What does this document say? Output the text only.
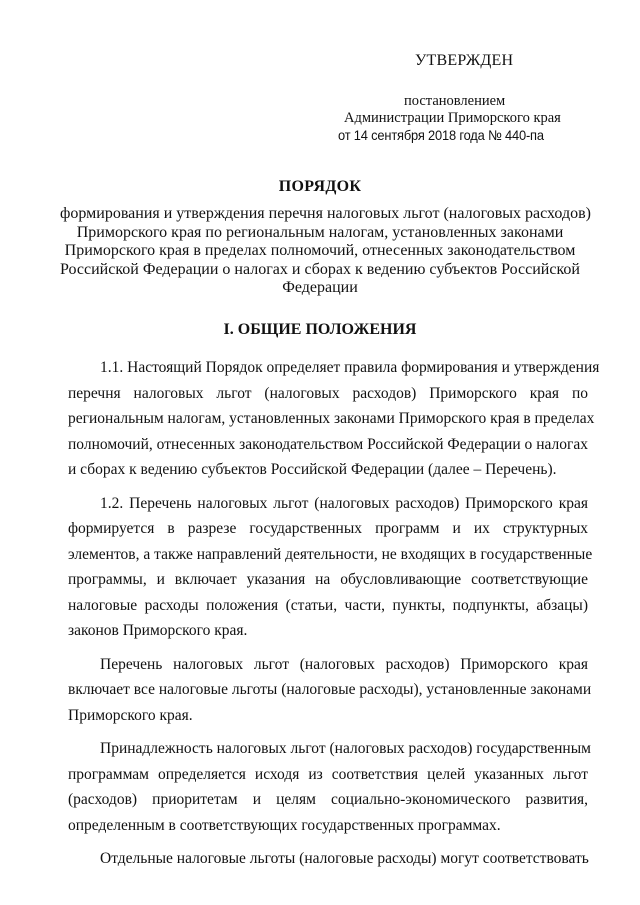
УТВЕРЖДЕН
постановлением
Администрации Приморского края
от 14 сентября 2018 года № 440-па
ПОРЯДОК
формирования и утверждения перечня налоговых льгот (налоговых расходов)
Приморского края по региональным налогам, установленных законами
Приморского края в пределах полномочий, отнесенных законодательством
Российской Федерации о налогах и сборах к ведению субъектов Российской
Федерации
I. ОБЩИЕ ПОЛОЖЕНИЯ
1.1. Настоящий Порядок определяет правила формирования и утверждения
перечня налоговых льгот (налоговых расходов) Приморского края по
региональным налогам, установленных законами Приморского края в пределах
полномочий, отнесенных законодательством Российской Федерации о налогах
и сборах к ведению субъектов Российской Федерации (далее – Перечень).
1.2. Перечень налоговых льгот (налоговых расходов) Приморского края
формируется в разрезе государственных программ и их структурных
элементов, а также направлений деятельности, не входящих в государственные
программы, и включает указания на обусловливающие соответствующие
налоговые расходы положения (статьи, части, пункты, подпункты, абзацы)
законов Приморского края.
Перечень налоговых льгот (налоговых расходов) Приморского края
включает все налоговые льготы (налоговые расходы), установленные законами
Приморского края.
Принадлежность налоговых льгот (налоговых расходов) государственным
программам определяется исходя из соответствия целей указанных льгот
(расходов) приоритетам и целям социально-экономического развития,
определенным в соответствующих государственных программах.
Отдельные налоговые льготы (налоговые расходы) могут соответствовать
